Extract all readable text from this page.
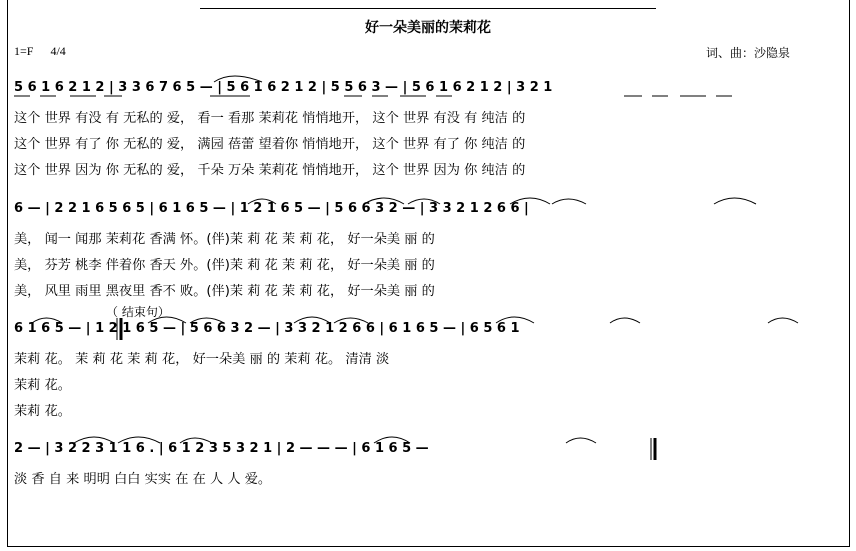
好一朵美丽的茉莉花
1=F 4/4	词、曲：沙隐泉
5 6 1 6 2 1 2 | 3 3 6 7 6 5 — | 5 6 1 6 2 1 2 | 5 5 6 3 — | 5 6 1 6 2 1 2 | 3 2 1
这个 世界 有没 有 无私的 爱， 看一 看那 茉莉花 悄悄地开， 这个 世界 有没 有 纯洁 的
这个 世界 有了 你 无私的 爱， 满园 蓓蕾 望着你 悄悄地开， 这个 世界 有了 你 纯洁 的
这个 世界 因为 你 无私的 爱， 千朵 万朵 茉莉花 悄悄地开， 这个 世界 因为 你 纯洁 的
6 — | 2 2 1 6 5 6 5 | 6 1 6 5 — | 1 2 1 6 5 — | 5 6 6 3 2 — | 3 3 2 1 2 6 6 |
美， 闻一 闻那 茉莉花 香满 怀。(伴)茉 莉 花 茉 莉 花， 好一朵美 丽 的
美， 芬芳 桃李 伴着你 香天 外。(伴)茉 莉 花 茉 莉 花， 好一朵美 丽 的
美， 风里 雨里 黑夜里 香不 败。(伴)茉 莉 花 茉 莉 花， 好一朵美 丽 的
（ 结束句）
6 1 6 5 — | 1 2 1 6 5 — | 5 6 6 3 2 — | 3 3 2 1 2 6 6 | 6 1 6 5 — | 6 5 6 1
茉莉 花。 茉 莉 花 茉 莉 花， 好一朵美 丽 的 茉莉 花。 清清 淡
茉莉 花。
茉莉 花。
2 — | 3 2 2 3 1 1 6 . | 6 1 2 3 5 3 2 1 | 2 — — — | 6 1 6 5 —
淡 香 自 来 明明 白白 实实 在 在 人 人 爱。
